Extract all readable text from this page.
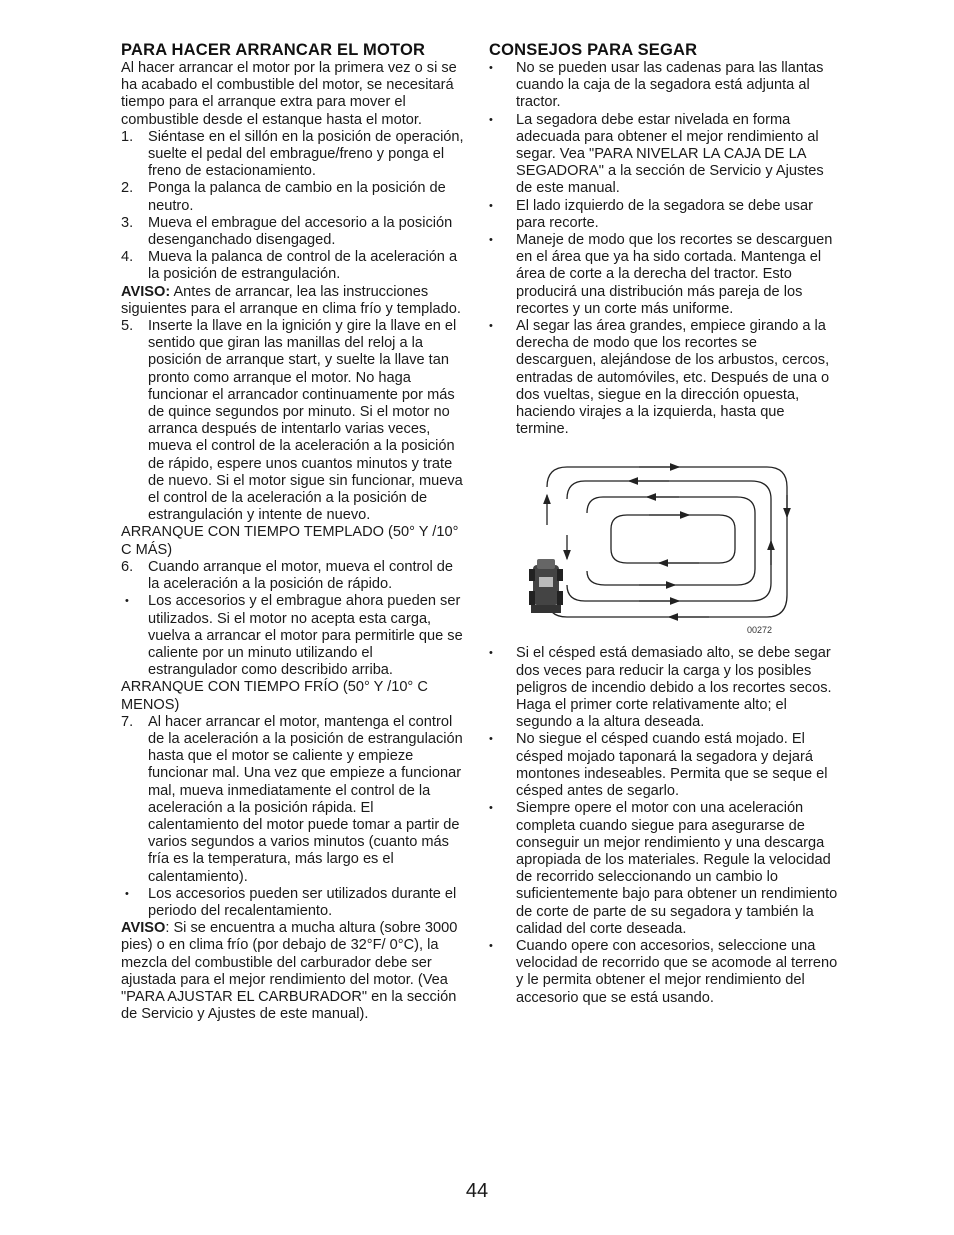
PARA HACER ARRANCAR EL MOTOR

Al hacer arrancar el motor por la primera vez o si se ha acabado el combustible del motor, se necesitará tiempo para el arranque extra para mover el combustible desde el estanque hasta el motor.

1.	Siéntase en el sillón en la posición de operación, suelte el pedal del embrague/freno y ponga el freno de estacionamiento.
2.	Ponga la palanca de cambio en la posición de neutro.
3.	Mueva el embrague del accesorio a la posición desenganchado disengaged.
4.	Mueva la palanca de control de la aceleración a la posición de estrangulación.

AVISO: Antes de arrancar, lea las instrucciones siguientes para el arranque en clima frío y templado.

5.	Inserte la llave en la ignición y gire la llave en el sentido que giran las manillas del reloj a la posición de arranque start, y suelte la llave tan pronto como arranque el motor. No haga funcionar el arrancador continuamente por más de quince segundos por minuto. Si el motor no arranca después de intentarlo varias veces, mueva el control de la aceleración a la posición de rápido, espere unos cuantos minutos y trate de nuevo. Si el motor sigue sin funcionar, mueva el control de la aceleración a la posición de estrangulación y intente de nuevo.

ARRANQUE CON TIEMPO TEMPLADO (50° Y /10° C MÁS)

6.	Cuando arranque el motor, mueva el control de la aceleración a la posición de rápido.
•	Los accesorios y el embrague ahora pueden ser utilizados. Si el motor no acepta esta carga, vuelva a arrancar el motor para permitirle que se caliente por un minuto utilizando el estrangulador como describido arriba.

ARRANQUE CON TIEMPO FRÍO (50° Y /10° C MENOS)

7.	Al hacer arrancar el motor, mantenga el control de la aceleración a la posición de estrangulación hasta que el motor se caliente y empieze funcionar mal. Una vez que empieze a funcionar mal, mueva inmediatamente el control de la aceleración a la posición rápida. El calentamiento del motor puede tomar a partir de varios segundos a varios minutos (cuanto más fría es la temperatura, más largo es el calentamiento).
•	Los accesorios pueden ser utilizados durante el periodo del recalentamiento.

AVISO: Si se encuentra a mucha altura (sobre 3000 pies) o en clima frío (por debajo de 32°F/ 0°C), la mezcla del combustible del carburador debe ser ajustada para el mejor rendimiento del motor. (Vea "PARA AJUSTAR EL CARBURADOR" en la sección de Servicio y Ajustes de este manual).

CONSEJOS PARA SEGAR
•	No se pueden usar las cadenas para las llantas cuando la caja de la segadora está adjunta al tractor.
•	La segadora debe estar nivelada en forma adecuada para obtener el mejor rendimiento al segar. Vea "PARA NIVELAR LA CAJA DE LA SEGADORA" a la sección de Servicio y Ajustes de este manual.
•	El lado izquierdo de la segadora se debe usar para recorte.
•	Maneje de modo que los recortes se descarguen en el área que ya ha sido cortada. Mantenga el área de corte a la derecha del tractor. Esto producirá una distribución más pareja de los recortes y un corte más uniforme.
•	Al segar las área grandes, empiece girando a la derecha de modo que los recortes se descarguen, alejándose de los arbustos, cercos, entradas de automóviles, etc. Después de una o dos vueltas, siegue en la dirección opuesta, haciendo virajes a la izquierda, hasta que termine.
00272
•	Si el césped está demasiado alto, se debe segar dos veces para reducir la carga y los posibles peligros de incendio debido a los recortes secos. Haga el primer corte relativamente alto; el segundo a la altura deseada.
•	No siegue el césped cuando está mojado. El césped mojado taponará la segadora y dejará montones indeseables. Permita que se seque el césped antes de segarlo.
•	Siempre opere el motor con una aceleración completa cuando siegue para asegurarse de conseguir un mejor rendimiento y una descarga apropiada de los materiales. Regule la velocidad de recorrido seleccionando un cambio lo suficientemente bajo para obtener un rendimiento de corte de parte de su segadora y también la calidad del corte deseada.
•	Cuando opere con accesorios, seleccione una velocidad de recorrido que se acomode al terreno y le permita obtener el mejor rendimiento del accesorio que se está usando.
44
